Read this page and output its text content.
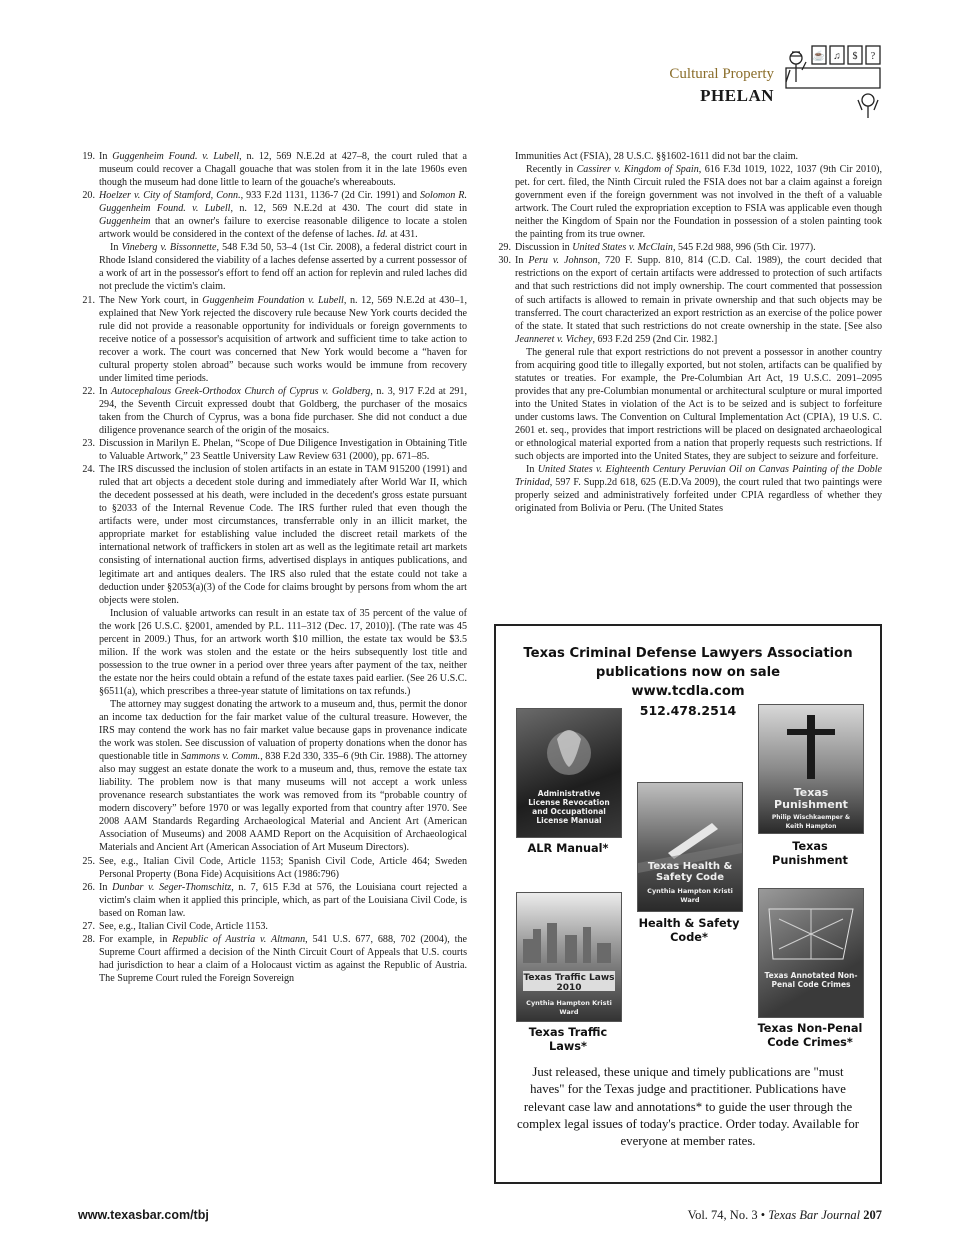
Cultural Property
PHELAN
☕ ♫ $ ?
19. In Guggenheim Found. v. Lubell, n. 12, 569 N.E.2d at 427–8, the court ruled that a museum could recover a Chagall gouache that was stolen from it in the late 1960s even though the museum had done little to learn of the gouache's whereabouts.
20. Hoelzer v. City of Stamford, Conn., 933 F.2d 1131, 1136-7 (2d Cir. 1991) and Solomon R. Guggenheim Found. v. Lubell, n. 12, 569 N.E.2d at 430. The court did state in Guggenheim that an owner's failure to exercise reasonable diligence to locate a stolen artwork would be considered in the context of the defense of laches. Id. at 431.
In Vineberg v. Bissonnette, 548 F.3d 50, 53–4 (1st Cir. 2008), a federal district court in Rhode Island considered the viability of a laches defense asserted by a current possessor of a work of art in the possessor's effort to fend off an action for replevin and ruled laches did not preclude the victim's claim.
21. The New York court, in Guggenheim Foundation v. Lubell, n. 12, 569 N.E.2d at 430–1, explained that New York rejected the discovery rule because New York courts decided the rule did not provide a reasonable opportunity for individuals or foreign governments to receive notice of a possessor's acquisition of artwork and sufficient time to take action to recover a work. The court was concerned that New York would become a “haven for cultural property stolen abroad” because such works would be immune from recovery under limited time periods.
22. In Autocephalous Greek-Orthodox Church of Cyprus v. Goldberg, n. 3, 917 F.2d at 291, 294, the Seventh Circuit expressed doubt that Goldberg, the purchaser of the mosaics taken from the Church of Cyprus, was a bona fide purchaser. She did not conduct a due diligence provenance search of the origin of the mosaics.
23. Discussion in Marilyn E. Phelan, “Scope of Due Diligence Investigation in Obtaining Title to Valuable Artwork,” 23 Seattle University Law Review 631 (2000), pp. 671–85.
24. The IRS discussed the inclusion of stolen artifacts in an estate in TAM 915200 (1991) and ruled that art objects a decedent stole during and immediately after World War II, which the decedent possessed at his death, were included in the decedent's gross estate pursuant to §2033 of the Internal Revenue Code. The IRS further ruled that even though the artifacts were, under most circumstances, transferrable only in an illicit market, the appropriate market for establishing value included the discreet retail markets of the international network of traffickers in stolen art as well as the legitimate retail art markets consisting of international auction firms, advertised displays in antiques publications, and legitimate art and antiques dealers. The IRS also ruled that the estate could not take a deduction under §2053(a)(3) of the Code for claims brought by persons from whom the art objects were stolen.
Inclusion of valuable artworks can result in an estate tax of 35 percent of the value of the work [26 U.S.C. §2001, amended by P.L. 111–312 (Dec. 17, 2010)]. (The rate was 45 percent in 2009.) Thus, for an artwork worth $10 million, the estate tax would be $3.5 milion. If the work was stolen and the estate or the heirs subsequently lost title and possession to the true owner in a period over three years after payment of the tax, neither the estate nor the heirs could obtain a refund of the estate taxes paid earlier. (See 26 U.S.C. §6511(a), which prescribes a three-year statute of limitations on tax refunds.)
The attorney may suggest donating the artwork to a museum and, thus, permit the donor an income tax deduction for the fair market value of the cultural treasure. However, the IRS may contend the work has no fair market value because gaps in provenance indicate the work was stolen. See discussion of valuation of property donations when the donor has questionable title in Sammons v. Comm., 838 F.2d 330, 335–6 (9th Cir. 1988). The attorney also may suggest an estate donate the work to a museum and, thus, remove the estate tax liability. The problem now is that many museums will not accept a work unless provenance research substantiates the work was removed from its “probable country of modern discovery” before 1970 or was legally exported from that country after 1970. See 2008 AAM Standards Regarding Archaeological Material and Ancient Art (American Association of Museums) and 2008 AAMD Report on the Acquisition of Archaeological Materials and Ancient Art (American Association of Art Museum Directors).
25. See, e.g., Italian Civil Code, Article 1153; Spanish Civil Code, Article 464; Sweden Personal Property (Bona Fide) Acquisitions Act (1986:796)
26. In Dunbar v. Seger-Thomschitz, n. 7, 615 F.3d at 576, the Louisiana court rejected a victim's claim when it applied this principle, which, as part of the Louisiana Civil Code, is based on Roman law.
27. See, e.g., Italian Civil Code, Article 1153.
28. For example, in Republic of Austria v. Altmann, 541 U.S. 677, 688, 702 (2004), the Supreme Court affirmed a decision of the Ninth Circuit Court of Appeals that U.S. courts had jurisdiction to hear a claim of a Holocaust victim as against the Republic of Austria. The Supreme Court ruled the Foreign Sovereign
Immunities Act (FSIA), 28 U.S.C. §§1602-1611 did not bar the claim.
Recently in Cassirer v. Kingdom of Spain, 616 F.3d 1019, 1022, 1037 (9th Cir 2010), pet. for cert. filed, the Ninth Circuit ruled the FSIA does not bar a claim against a foreign government even if the foreign government was not involved in the theft of a valuable artwork. The Court ruled the expropriation exception to FSIA was applicable even though neither the Kingdom of Spain nor the Foundation in possession of a stolen painting took the painting from its true owner.
29. Discussion in United States v. McClain, 545 F.2d 988, 996 (5th Cir. 1977).
30. In Peru v. Johnson, 720 F. Supp. 810, 814 (C.D. Cal. 1989), the court decided that restrictions on the export of certain artifacts were addressed to protection of such artifacts and that such restrictions did not imply ownership. The court commented that possession of such artifacts is allowed to remain in private ownership and that such objects may be transferred. The court characterized an export restriction as an exercise of the police power of the state. It stated that such restrictions do not create ownership in the state. [See also Jeanneret v. Vichey, 693 F.2d 259 (2nd Cir. 1982.]
The general rule that export restrictions do not prevent a possessor in another country from acquiring good title to illegally exported, but not stolen, artifacts can be qualified by statutes or treaties. For example, the Pre-Columbian Art Act, 19 U.S.C. 2091–2095 provides that any pre-Columbian monumental or architectural sculpture or mural imported into the United States in violation of the Act is to be seized and is subject to forfeiture under customs laws. The Convention on Cultural Implementation Act (CPIA), 19 U.S. C. 2601 et. seq., provides that import restrictions will be placed on designated archaeological or ethnological material exported from a nation that properly requests such restrictions. If such objects are imported into the United States, they are subject to seizure and forfeiture.
In United States v. Eighteenth Century Peruvian Oil on Canvas Painting of the Doble Trinidad, 597 F. Supp.2d 618, 625 (E.D.Va 2009), the court ruled that two paintings were properly seized and administratively forfeited under CPIA regardless of whether they originated from Bolivia or Peru. (The United States
Texas Criminal Defense Lawyers Association
publications now on sale
www.tcdla.com
512.478.2514
Administrative License Revocation and Occupational License Manual
ALR Manual*
Texas Punishment
Philip Wischkaemper & Keith Hampton
Texas Punishment
Texas Health & Safety Code
Cynthia Hampton Kristi Ward
Health & Safety Code*
Texas Traffic Laws 2010
Cynthia Hampton Kristi Ward
Texas Traffic Laws*
Texas Annotated Non-Penal Code Crimes
Texas Non-Penal Code Crimes*
Just released, these unique and timely publications are "must haves" for the Texas judge and practitioner. Publications have relevant case law and annotations* to guide the user through the complex legal issues of today's practice. Order today. Available for everyone at member rates.
www.texasbar.com/tbj	Vol. 74, No. 3 • Texas Bar Journal 207
